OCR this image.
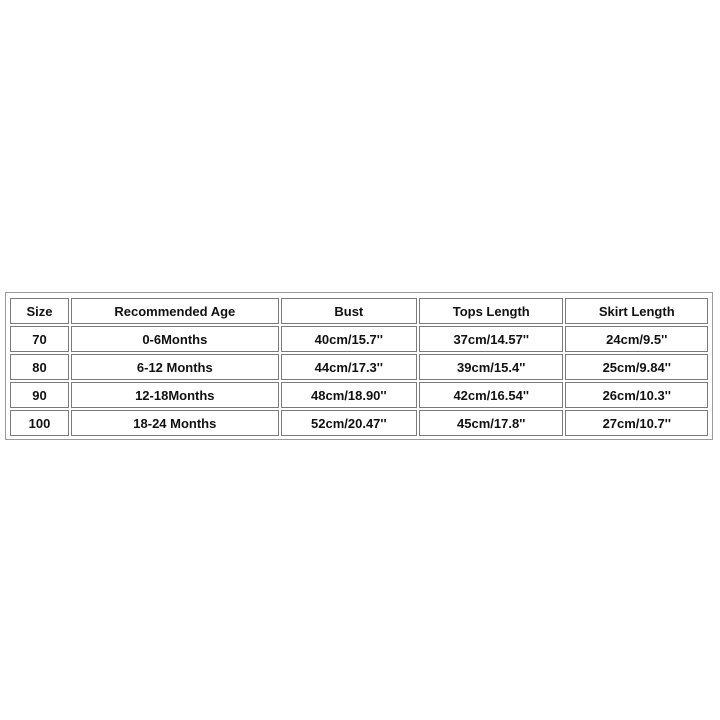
Size	Recommended Age	Bust	Tops Length	Skirt Length
70	0-6Months	40cm/15.7''	37cm/14.57''	24cm/9.5''
80	6-12 Months	44cm/17.3''	39cm/15.4''	25cm/9.84''
90	12-18Months	48cm/18.90''	42cm/16.54''	26cm/10.3''
100	18-24 Months	52cm/20.47''	45cm/17.8''	27cm/10.7''
